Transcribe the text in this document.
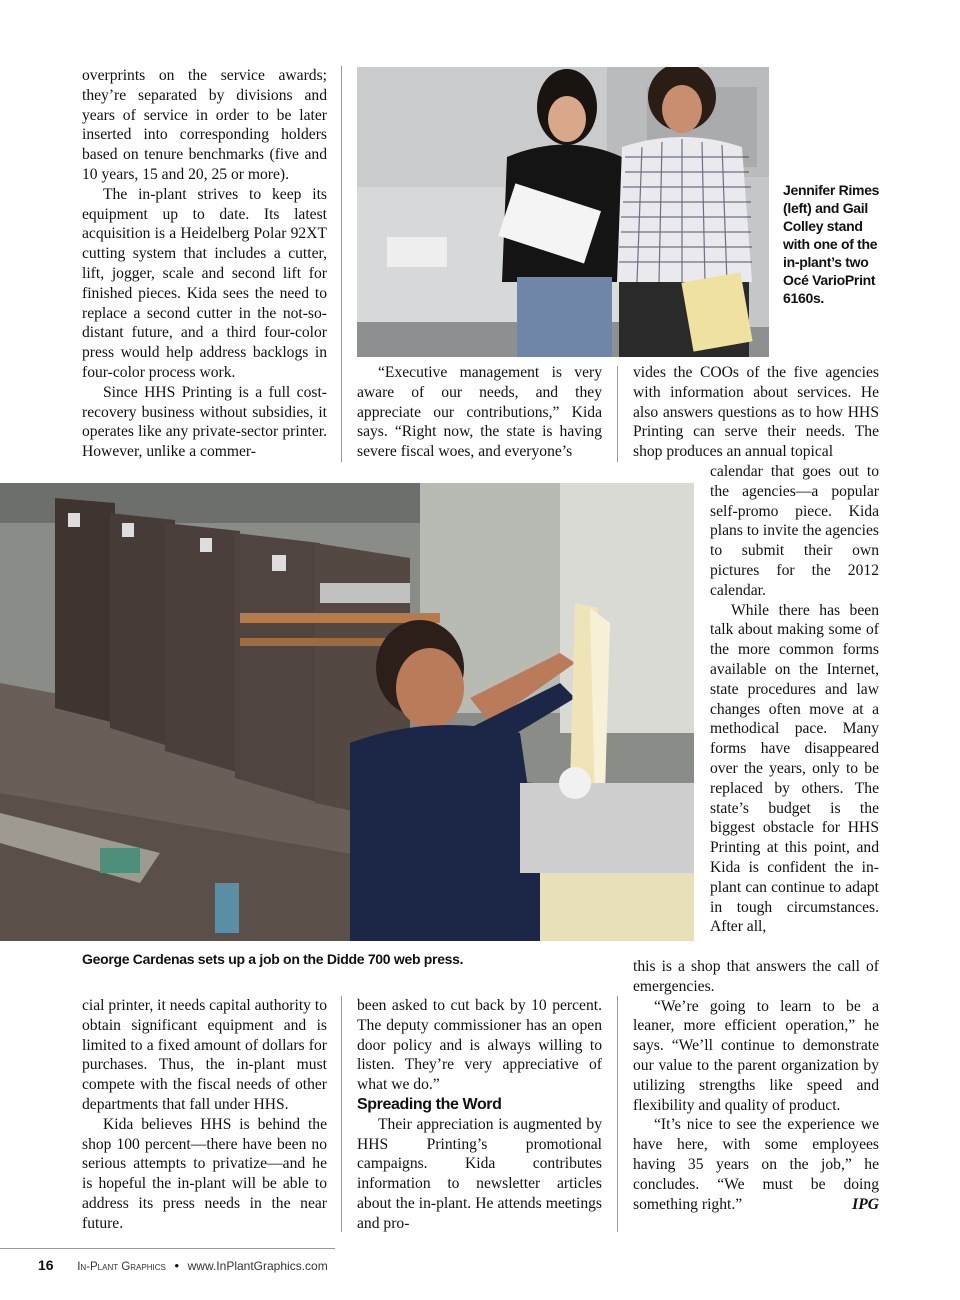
overprints on the service awards; they’re separated by divisions and years of service in order to be later inserted into corresponding holders based on tenure benchmarks (five and 10 years, 15 and 20, 25 or more).

The in-plant strives to keep its equipment up to date. Its latest acquisition is a Heidelberg Polar 92XT cutting system that includes a cutter, lift, jogger, scale and second lift for finished pieces. Kida sees the need to replace a second cutter in the not-so-distant future, and a third four-color press would help address backlogs in four-color process work.

Since HHS Printing is a full cost-recovery business without subsidies, it operates like any private-sector printer. However, unlike a commer-

Jennifer Rimes (left) and Gail Colley stand with one of the in-plant’s two Océ VarioPrint 6160s.

“Executive management is very aware of our needs, and they appreciate our contributions,” Kida says. “Right now, the state is having severe fiscal woes, and everyone’s

vides the COOs of the five agencies with information about services. He also answers questions as to how HHS Printing can serve their needs. The shop produces an annual topical

George Cardenas sets up a job on the Didde 700 web press.

calendar that goes out to the agencies—a popular self-promo piece. Kida plans to invite the agencies to submit their own pictures for the 2012 calendar.

While there has been talk about making some of the more common forms available on the Internet, state procedures and law changes often move at a methodical pace. Many forms have disappeared over the years, only to be replaced by others. The state’s budget is the biggest obstacle for HHS Printing at this point, and Kida is confident the in-plant can continue to adapt in tough circumstances. After all,

cial printer, it needs capital authority to obtain significant equipment and is limited to a fixed amount of dollars for purchases. Thus, the in-plant must compete with the fiscal needs of other departments that fall under HHS.

Kida believes HHS is behind the shop 100 percent—there have been no serious attempts to privatize—and he is hopeful the in-plant will be able to address its press needs in the near future.

been asked to cut back by 10 percent. The deputy commissioner has an open door policy and is always willing to listen. They’re very appreciative of what we do.”

Spreading the Word

Their appreciation is augmented by HHS Printing’s promotional campaigns. Kida contributes information to newsletter articles about the in-plant. He attends meetings and pro-

this is a shop that answers the call of emergencies.

“We’re going to learn to be a leaner, more efficient operation,” he says. “We’ll continue to demonstrate our value to the parent organization by utilizing strengths like speed and flexibility and quality of product.

“It’s nice to see the experience we have here, with some employees having 35 years on the job,” he concludes. “We must be doing something right.”	IPG

16 In-Plant Graphics • www.InPlantGraphics.com
